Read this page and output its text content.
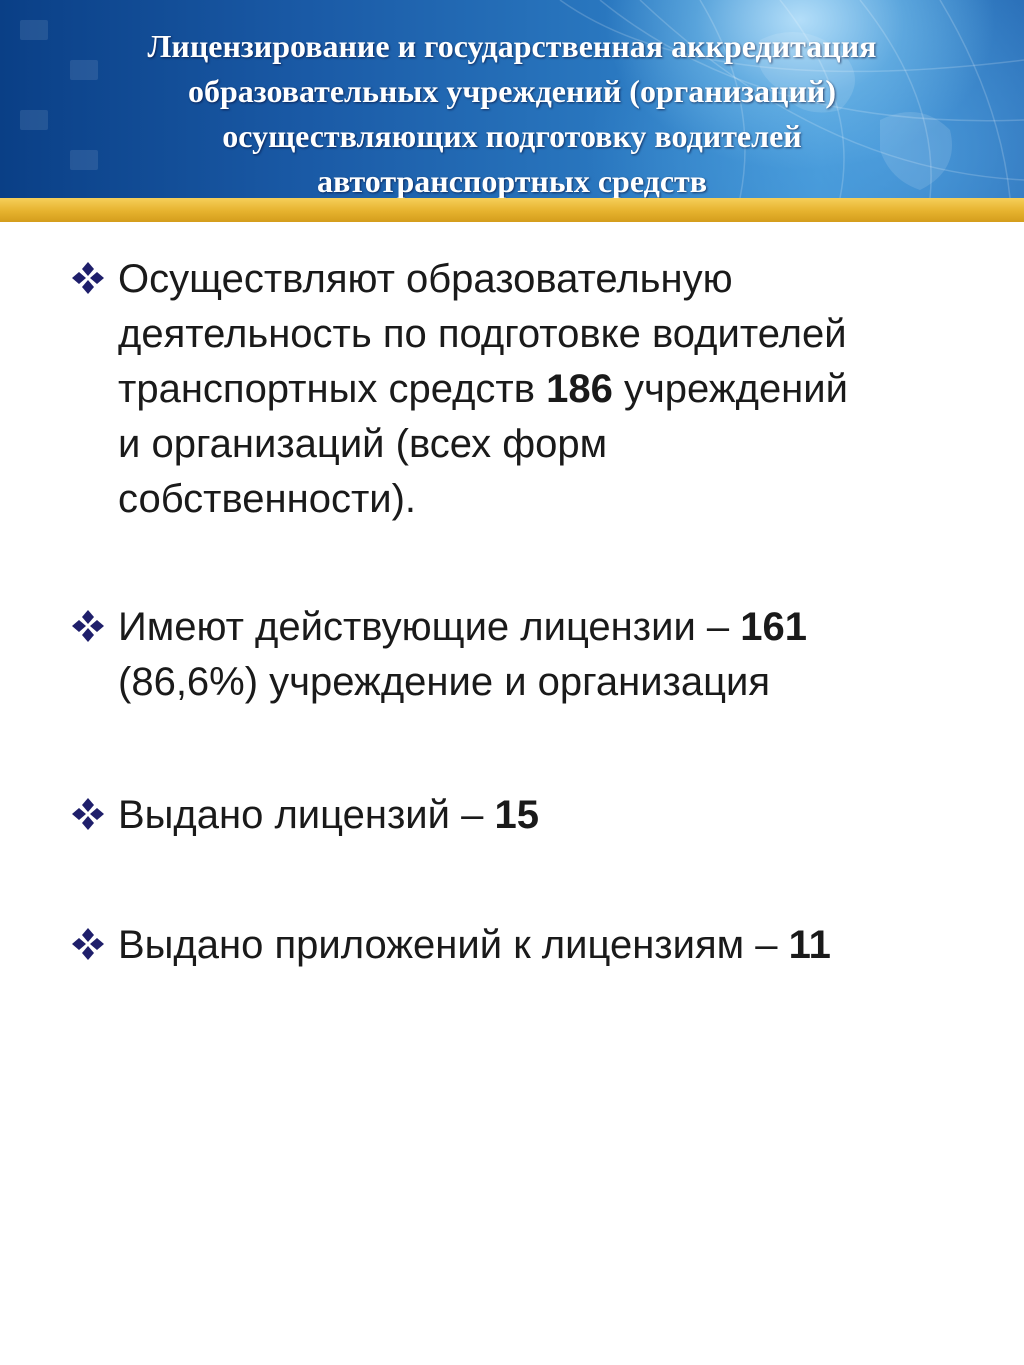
Лицензирование и государственная аккредитация
образовательных учреждений (организаций)
осуществляющих подготовку водителей
автотранспортных средств
Осуществляют образовательную
деятельность по подготовке водителей
транспортных средств 186 учреждений
и организаций (всех форм
собственности).
Имеют действующие лицензии – 161
(86,6%) учреждение и организация
Выдано лицензий – 15
Выдано приложений к лицензиям – 11
